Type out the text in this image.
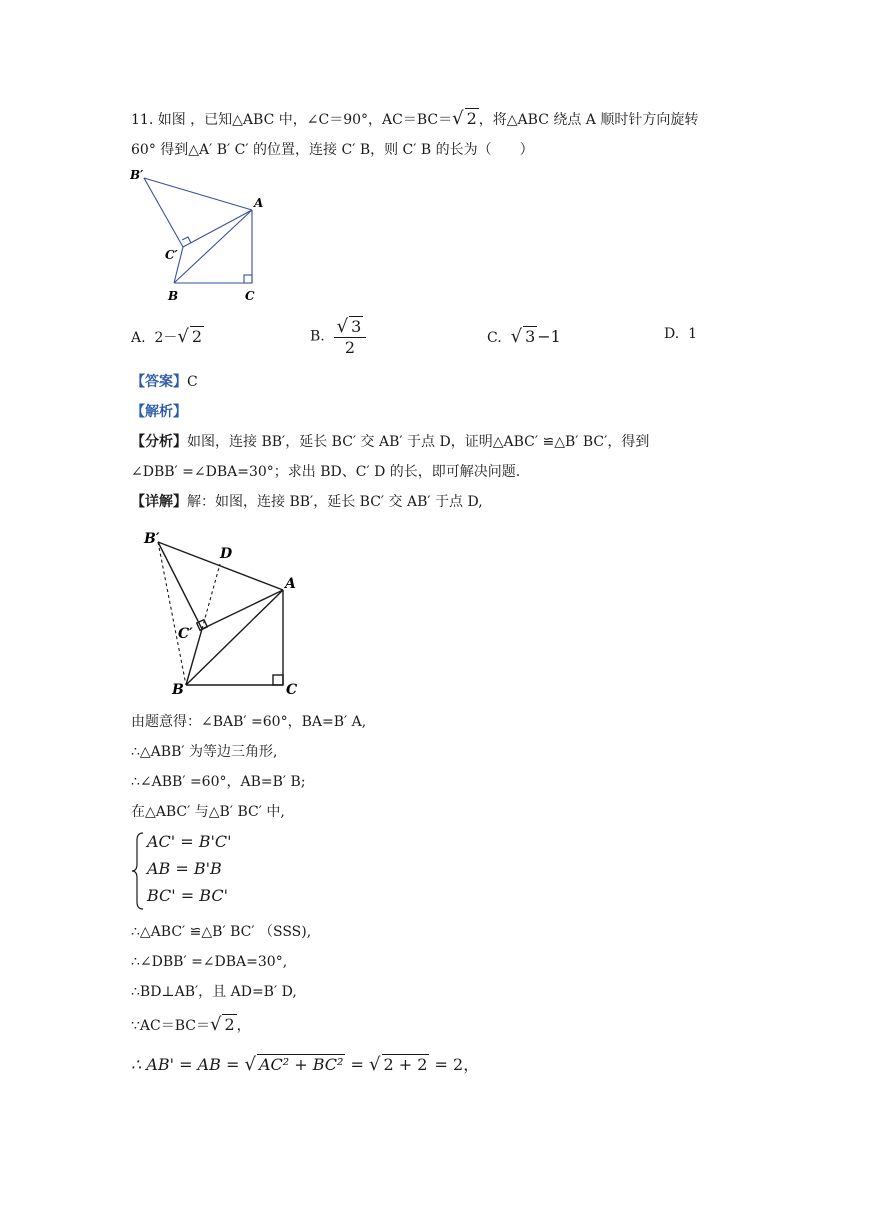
11. 如图 ，已知△ABC 中，∠C＝90°，AC＝BC＝√ 2 ，将△ABC 绕点 A 顺时针方向旋转
60° 得到△A′ B′ C′ 的位置，连接 C′ B，则 C′ B 的长为（　　）
B′
A
C′
B	C
A. 2－√ 2	B. $\frac{√ 3}{2}$	C. √ 3 −1	D. 1
【答案】C
【解析】
【分析】如图，连接 BB′，延长 BC′ 交 AB′ 于点 D，证明△ABC′ ≌△B′ BC′，得到
∠DBB′ =∠DBA=30°；求出 BD、C′ D 的长，即可解决问题.
【详解】解：如图，连接 BB′，延长 BC′ 交 AB′ 于点 D,
B′
D
A
C′
B	C
由题意得：∠BAB′ =60°，BA=B′ A,
∴△ABB′ 为等边三角形,
∴∠ABB′ =60°，AB=B′ B;
在△ABC′ 与△B′ BC′ 中,
AC' = B'C'
AB = B'B
BC' = BC'
∴△ABC′ ≌△B′ BC′ （SSS),
∴∠DBB′ =∠DBA=30°,
∴BD⊥AB′，且 AD=B′ D,
∵AC＝BC＝√ 2 ，
∴ AB' = AB = √ AC² + BC² = √ 2 + 2 = 2，
